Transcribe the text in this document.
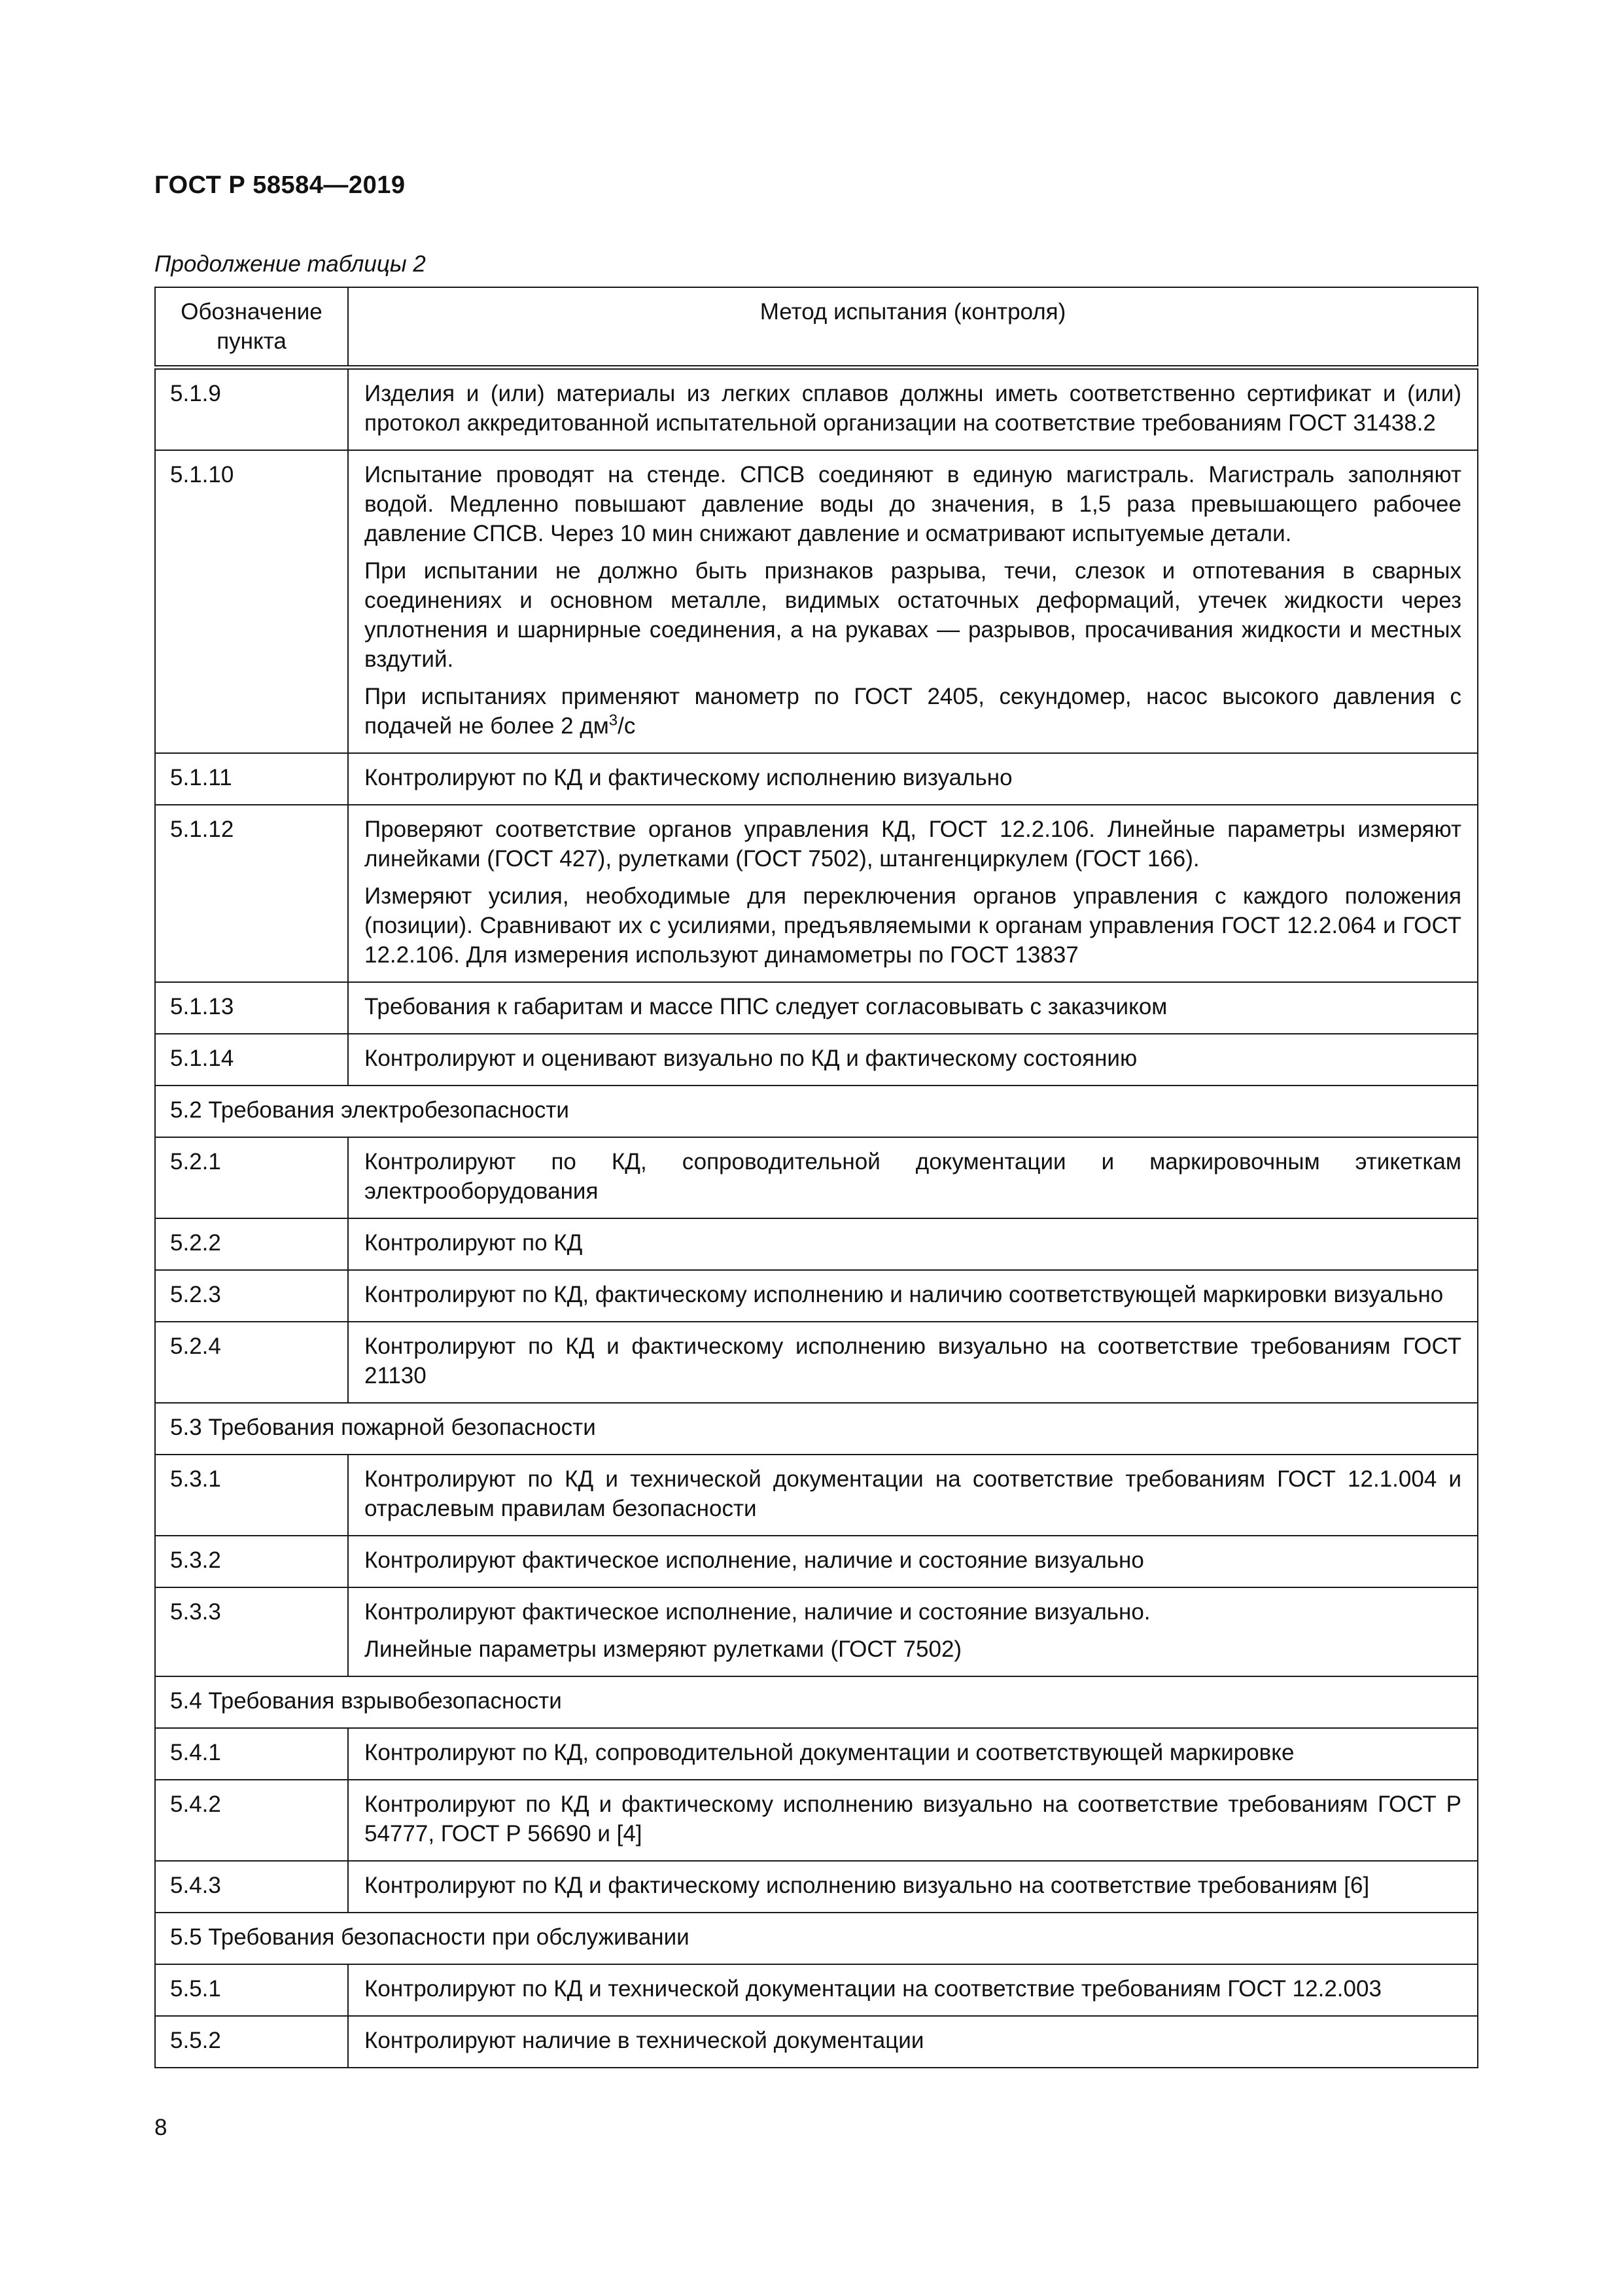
ГОСТ Р 58584—2019
Продолжение таблицы 2
Обозначение пункта	Метод испытания (контроля)
5.1.9	Изделия и (или) материалы из легких сплавов должны иметь соответственно сертификат и (или) протокол аккредитованной испытательной организации на соответствие требованиям ГОСТ 31438.2

5.1.10	Испытание проводят на стенде. СПСВ соединяют в единую магистраль. Магистраль заполняют водой. Медленно повышают давление воды до значения, в 1,5 раза превышающего рабочее давление СПСВ. Через 10 мин снижают давление и осматривают испытуемые детали.

При испытании не должно быть признаков разрыва, течи, слезок и отпотевания в сварных соединениях и основном металле, видимых остаточных деформаций, утечек жидкости через уплотнения и шарнирные соединения, а на рукавах — разрывов, просачивания жидкости и местных вздутий.

При испытаниях применяют манометр по ГОСТ 2405, секундомер, насос высокого давления с подачей не более 2 $дм^3/с$

5.1.11	Контролируют по КД и фактическому исполнению визуально

5.1.12	Проверяют соответствие органов управления КД, ГОСТ 12.2.106. Линейные параметры измеряют линейками (ГОСТ 427), рулетками (ГОСТ 7502), штангенциркулем (ГОСТ 166).

Измеряют усилия, необходимые для переключения органов управления с каждого положения (позиции). Сравнивают их с усилиями, предъявляемыми к органам управления ГОСТ 12.2.064 и ГОСТ 12.2.106. Для измерения используют динамометры по ГОСТ 13837

5.1.13	Требования к габаритам и массе ППС следует согласовывать с заказчиком

5.1.14	Контролируют и оценивают визуально по КД и фактическому состоянию

5.2 Требования электробезопасности	
5.2.1	Контролируют по КД, сопроводительной документации и маркировочным этикеткам электрооборудования

5.2.2	Контролируют по КД

5.2.3	Контролируют по КД, фактическому исполнению и наличию соответствующей маркировки визуально

5.2.4	Контролируют по КД и фактическому исполнению визуально на соответствие требованиям ГОСТ 21130

5.3 Требования пожарной безопасности	
5.3.1	Контролируют по КД и технической документации на соответствие требованиям ГОСТ 12.1.004 и отраслевым правилам безопасности

5.3.2	Контролируют фактическое исполнение, наличие и состояние визуально

5.3.3	Контролируют фактическое исполнение, наличие и состояние визуально.

Линейные параметры измеряют рулетками (ГОСТ 7502)

5.4 Требования взрывобезопасности	
5.4.1	Контролируют по КД, сопроводительной документации и соответствующей маркировке

5.4.2	Контролируют по КД и фактическому исполнению визуально на соответствие требованиям ГОСТ Р 54777, ГОСТ Р 56690 и [4]

5.4.3	Контролируют по КД и фактическому исполнению визуально на соответствие требованиям [6]

5.5 Требования безопасности при обслуживании	
5.5.1	Контролируют по КД и технической документации на соответствие требованиям ГОСТ 12.2.003

5.5.2	Контролируют наличие в технической документации

8
